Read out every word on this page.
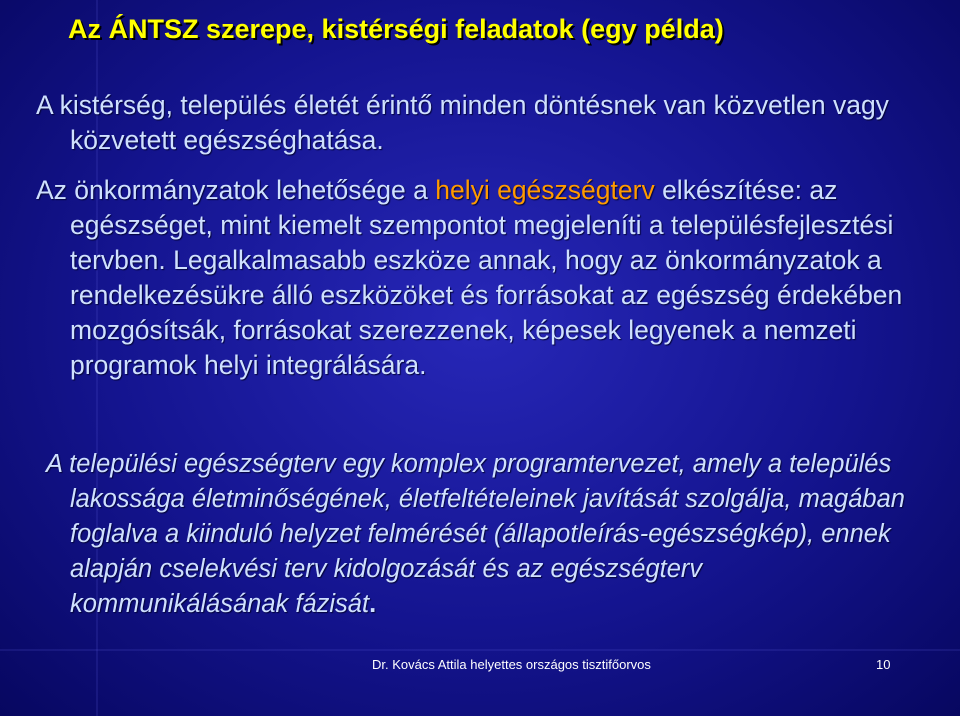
Az ÁNTSZ szerepe, kistérségi feladatok (egy példa)
A kistérség, település életét érintő minden döntésnek van közvetlen vagy közvetett egészséghatása.
Az önkormányzatok lehetősége a helyi egészségterv elkészítése: az egészséget, mint kiemelt szempontot megjeleníti a településfejlesztési tervben. Legalkalmasabb eszköze annak, hogy az önkormányzatok a rendelkezésükre álló eszközöket és forrásokat az egészség érdekében mozgósítsák, forrásokat szerezzenek, képesek legyenek a nemzeti programok helyi integrálására.

A települési egészségterv egy komplex programtervezet, amely a település lakossága életminőségének, életfeltételeinek javítását szolgálja, magában foglalva a kiinduló helyzet felmérését (állapotleírás-egészségkép), ennek alapján cselekvési terv kidolgozását és az egészségterv kommunikálásának fázisát.

Dr. Kovács Attila helyettes országos tisztifőorvos	10
